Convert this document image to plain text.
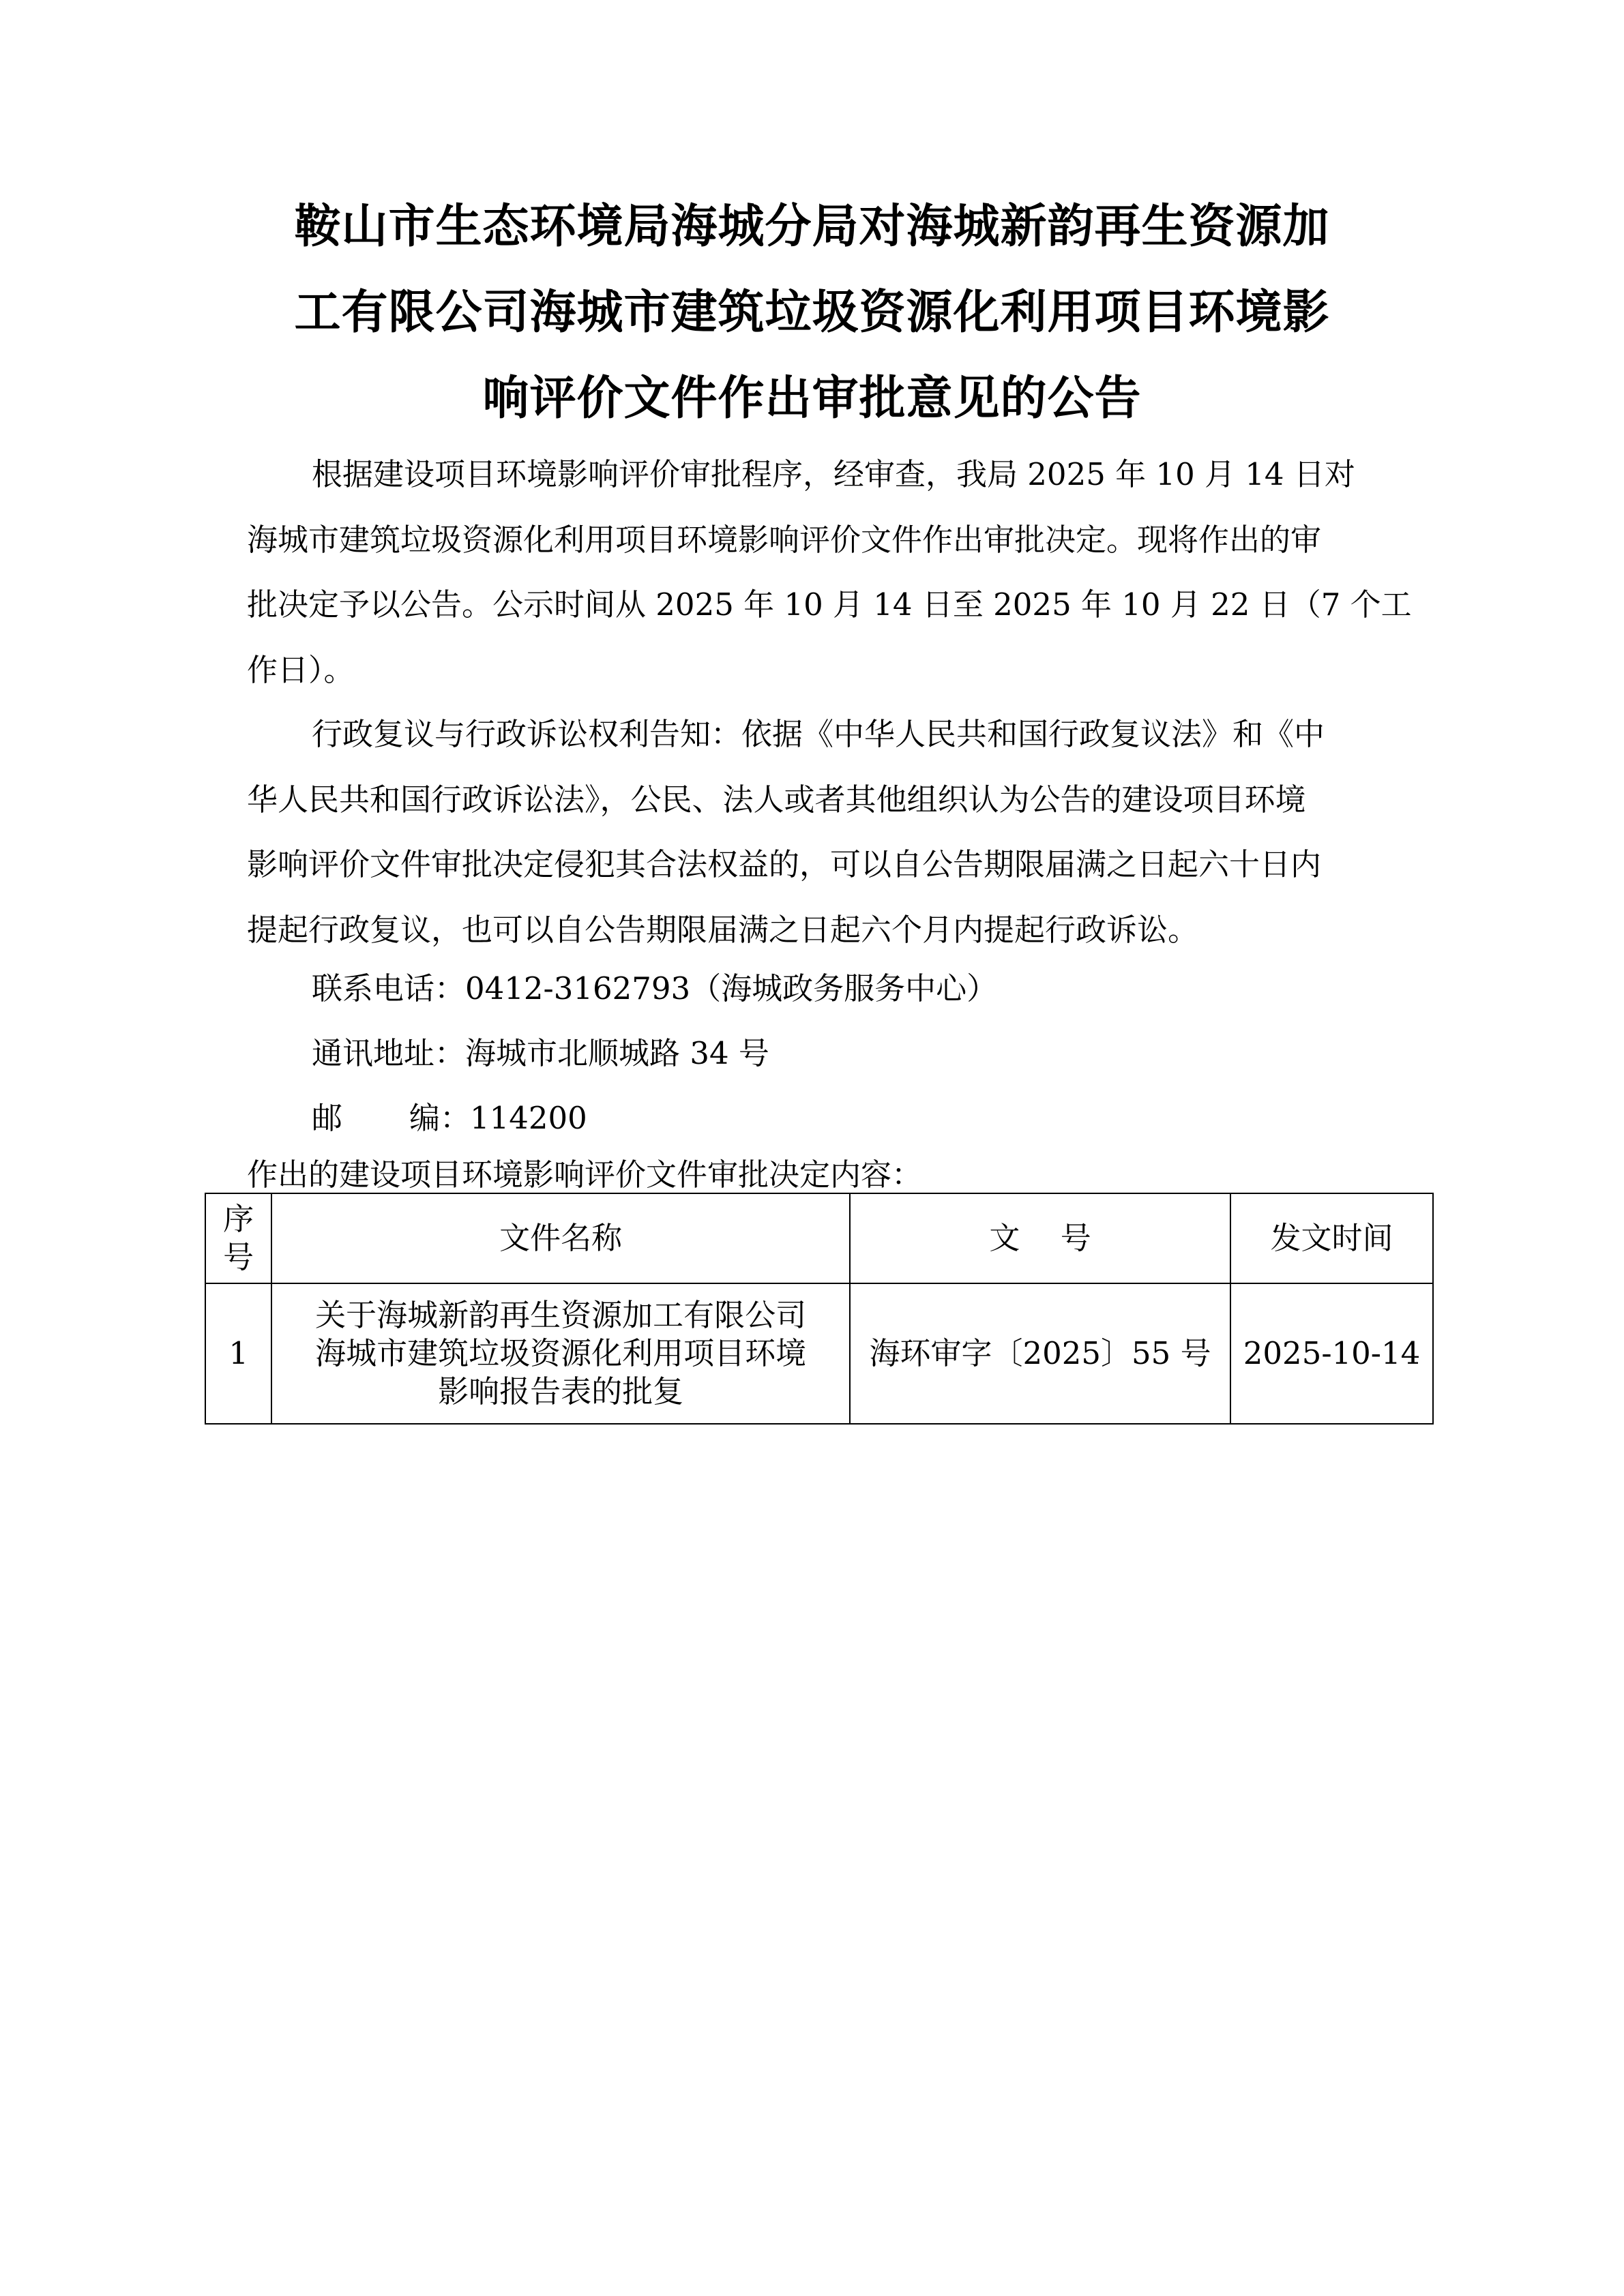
鞍山市生态环境局海城分局对海城新韵再生资源加
工有限公司海城市建筑垃圾资源化利用项目环境影
响评价文件作出审批意见的公告
根据建设项目环境影响评价审批程序，经审查，我局 2025 年 10 月 14 日对
海城市建筑垃圾资源化利用项目环境影响评价文件作出审批决定。现将作出的审
批决定予以公告。公示时间从 2025 年 10 月 14 日至 2025 年 10 月 22 日（7 个工
作日）。
行政复议与行政诉讼权利告知：依据《中华人民共和国行政复议法》和《中
华人民共和国行政诉讼法》，公民、法人或者其他组织认为公告的建设项目环境
影响评价文件审批决定侵犯其合法权益的，可以自公告期限届满之日起六十日内
提起行政复议，也可以自公告期限届满之日起六个月内提起行政诉讼。
联系电话：0412-3162793（海城政务服务中心）
通讯地址：海城市北顺城路 34 号
邮 编：114200
作出的建设项目环境影响评价文件审批决定内容：
序
号	文件名称	文　 号	发文时间
1	关于海城新韵再生资源加工有限公司
海城市建筑垃圾资源化利用项目环境
影响报告表的批复	海环审字〔2025〕55 号	2025-10-14
